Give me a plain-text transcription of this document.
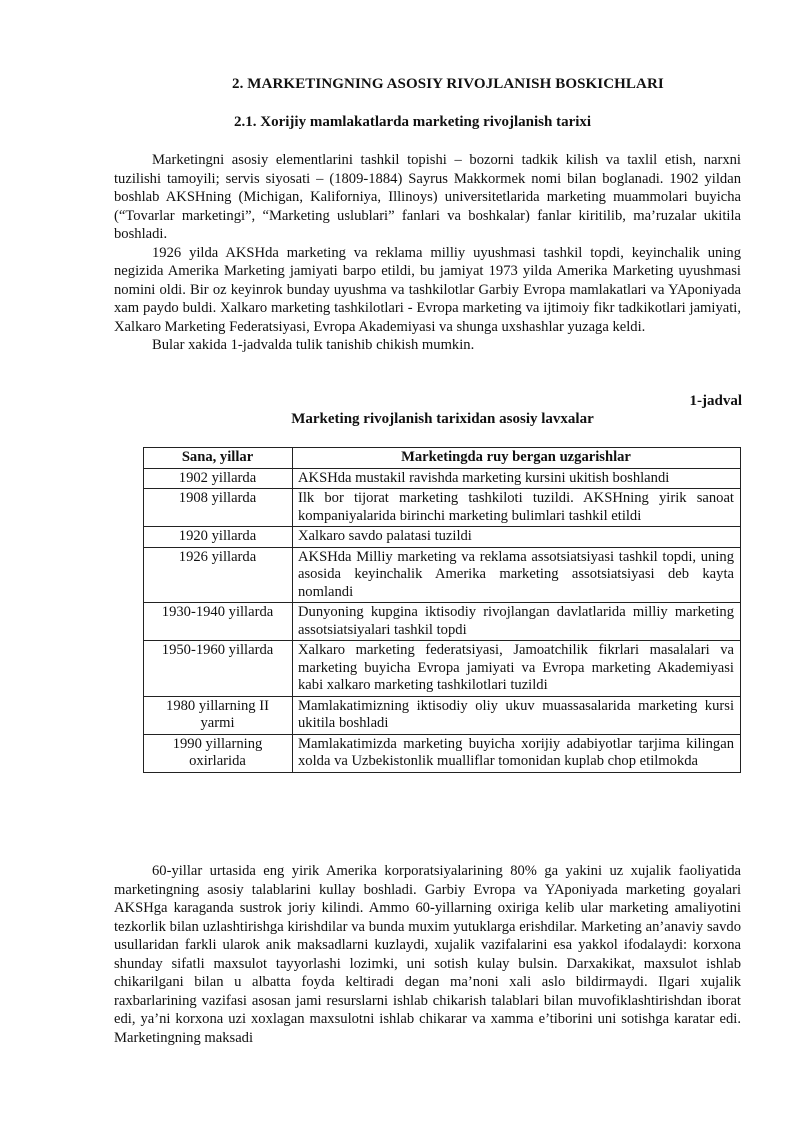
2. MARKETINGNING ASOSIY RIVOJLANISH BOSKICHLARI
2.1. Xorijiy mamlakatlarda marketing rivojlanish tarixi

Marketingni asosiy elementlarini tashkil topishi – bozorni tadkik kilish va taxlil etish, narxni tuzilishi tamoyili; servis siyosati – (1809-1884) Sayrus Makkormek nomi bilan boglanadi. 1902 yildan boshlab AKSHning (Michigan, Kaliforniya, Illinoys) universitetlarida marketing muammolari buyicha (“Tovarlar marketingi”, “Marketing uslublari” fanlari va boshkalar) fanlar kiritilib, ma’ruzalar ukitila boshladi.

1926 yilda AKSHda marketing va reklama milliy uyushmasi tashkil topdi, keyinchalik uning negizida Amerika Marketing jamiyati barpo etildi, bu jamiyat 1973 yilda Amerika Marketing uyushmasi nomini oldi. Bir oz keyinrok bunday uyushma va tashkilotlar Garbiy Evropa mamlakatlari va YAponiyada xam paydo buldi. Xalkaro marketing tashkilotlari - Evropa marketing va ijtimoiy fikr tadkikotlari jamiyati, Xalkaro Marketing Federatsiyasi, Evropa Akademiyasi va shunga uxshashlar yuzaga keldi.

Bular xakida 1-jadvalda tulik tanishib chikish mumkin.

1-jadval
Marketing rivojlanish tarixidan asosiy lavxalar
Sana, yillar	Marketingda ruy bergan uzgarishlar
1902 yillarda	AKSHda mustakil ravishda marketing kursini ukitish boshlandi
1908 yillarda	Ilk bor tijorat marketing tashkiloti tuzildi. AKSHning yirik sanoat kompaniyalarida birinchi marketing bulimlari tashkil etildi
1920 yillarda	Xalkaro savdo palatasi tuzildi
1926 yillarda	AKSHda Milliy marketing va reklama assotsiatsiyasi tashkil topdi, uning asosida keyinchalik Amerika marketing assotsiatsiyasi deb kayta nomlandi
1930-1940 yillarda	Dunyoning kupgina iktisodiy rivojlangan davlatlarida milliy marketing assotsiatsiyalari tashkil topdi
1950-1960 yillarda	Xalkaro marketing federatsiyasi, Jamoatchilik fikrlari masalalari va marketing buyicha Evropa jamiyati va Evropa marketing Akademiyasi kabi xalkaro marketing tashkilotlari tuzildi
1980 yillarning II yarmi	Mamlakatimizning iktisodiy oliy ukuv muassasalarida marketing kursi ukitila boshladi
1990 yillarning oxirlarida	Mamlakatimizda marketing buyicha xorijiy adabiyotlar tarjima kilingan xolda va Uzbekistonlik mualliflar tomonidan kuplab chop etilmokda

60-yillar urtasida eng yirik Amerika korporatsiyalarining 80% ga yakini uz xujalik faoliyatida marketingning asosiy talablarini kullay boshladi. Garbiy Evropa va YAponiyada marketing goyalari AKSHga karaganda sustrok joriy kilindi. Ammo 60-yillarning oxiriga kelib ular marketing amaliyotini tezkorlik bilan uzlashtirishga kirishdilar va bunda muxim yutuklarga erishdilar. Marketing an’anaviy savdo usullaridan farkli ularok anik maksadlarni kuzlaydi, xujalik vazifalarini esa yakkol ifodalaydi: korxona shunday sifatli maxsulot tayyorlashi lozimki, uni sotish kulay bulsin. Darxakikat, maxsulot ishlab chikarilgani bilan u albatta foyda keltiradi degan ma’noni xali aslo bildirmaydi. Ilgari xujalik raxbarlarining vazifasi asosan jami resurslarni ishlab chikarish talablari bilan muvofiklashtirishdan iborat edi, ya’ni korxona uzi xoxlagan maxsulotni ishlab chikarar va xamma e’tiborini uni sotishga karatar edi. Marketingning maksadi
